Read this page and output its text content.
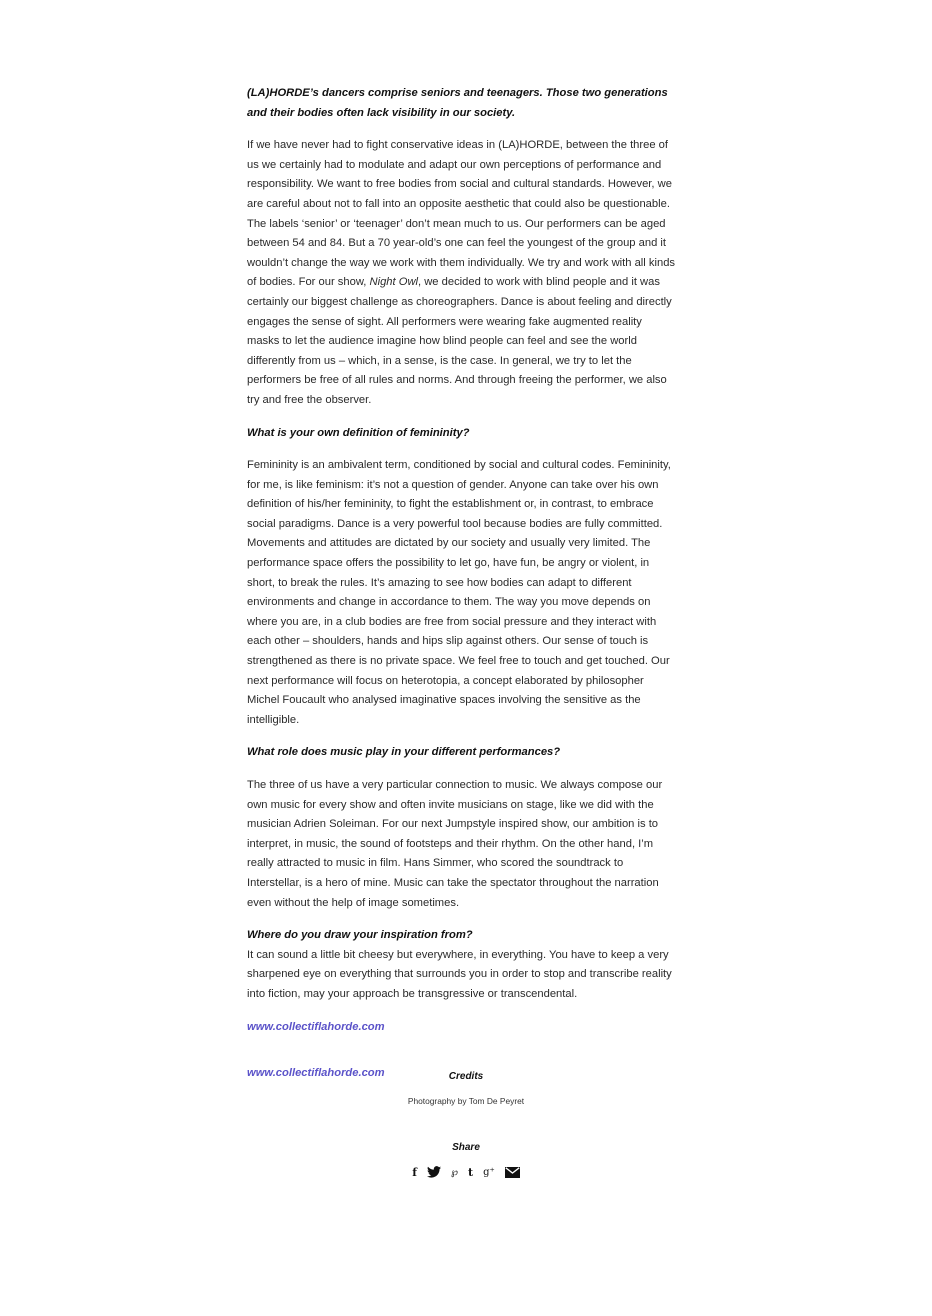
(LA)HORDE’s dancers comprise seniors and teenagers. Those two generations and their bodies often lack visibility in our society.

If we have never had to fight conservative ideas in (LA)HORDE, between the three of us we certainly had to modulate and adapt our own perceptions of performance and responsibility. We want to free bodies from social and cultural standards. However, we are careful about not to fall into an opposite aesthetic that could also be questionable. The labels ‘senior’ or ‘teenager’ don’t mean much to us. Our performers can be aged between 54 and 84. But a 70 year-old’s one can feel the youngest of the group and it wouldn’t change the way we work with them individually. We try and work with all kinds of bodies. For our show, Night Owl, we decided to work with blind people and it was certainly our biggest challenge as choreographers. Dance is about feeling and directly engages the sense of sight. All performers were wearing fake augmented reality masks to let the audience imagine how blind people can feel and see the world differently from us – which, in a sense, is the case. In general, we try to let the performers be free of all rules and norms. And through freeing the performer, we also try and free the observer.

What is your own definition of femininity?

Femininity is an ambivalent term, conditioned by social and cultural codes. Femininity, for me, is like feminism: it’s not a question of gender. Anyone can take over his own definition of his/her femininity, to fight the establishment or, in contrast, to embrace social paradigms. Dance is a very powerful tool because bodies are fully committed. Movements and attitudes are dictated by our society and usually very limited. The performance space offers the possibility to let go, have fun, be angry or violent, in short, to break the rules. It’s amazing to see how bodies can adapt to different environments and change in accordance to them. The way you move depends on where you are, in a club bodies are free from social pressure and they interact with each other – shoulders, hands and hips slip against others. Our sense of touch is strengthened as there is no private space. We feel free to touch and get touched. Our next performance will focus on heterotopia, a concept elaborated by philosopher Michel Foucault who analysed imaginative spaces involving the sensitive as the intelligible.

What role does music play in your different performances?

The three of us have a very particular connection to music. We always compose our own music for every show and often invite musicians on stage, like we did with the musician Adrien Soleiman. For our next Jumpstyle inspired show, our ambition is to interpret, in music, the sound of footsteps and their rhythm. On the other hand, I’m really attracted to music in film. Hans Simmer, who scored the soundtrack to Interstellar, is a hero of mine. Music can take the spectator throughout the narration even without the help of image sometimes.

Where do you draw your inspiration from?

It can sound a little bit cheesy but everywhere, in everything. You have to keep a very sharpened eye on everything that surrounds you in order to stop and transcribe reality into fiction, may your approach be transgressive or transcendental.

www.collectiflahorde.com
www.collectiflahorde.com	Credits
Photography by Tom De Peyret
Share
f	℘ t g⁺
